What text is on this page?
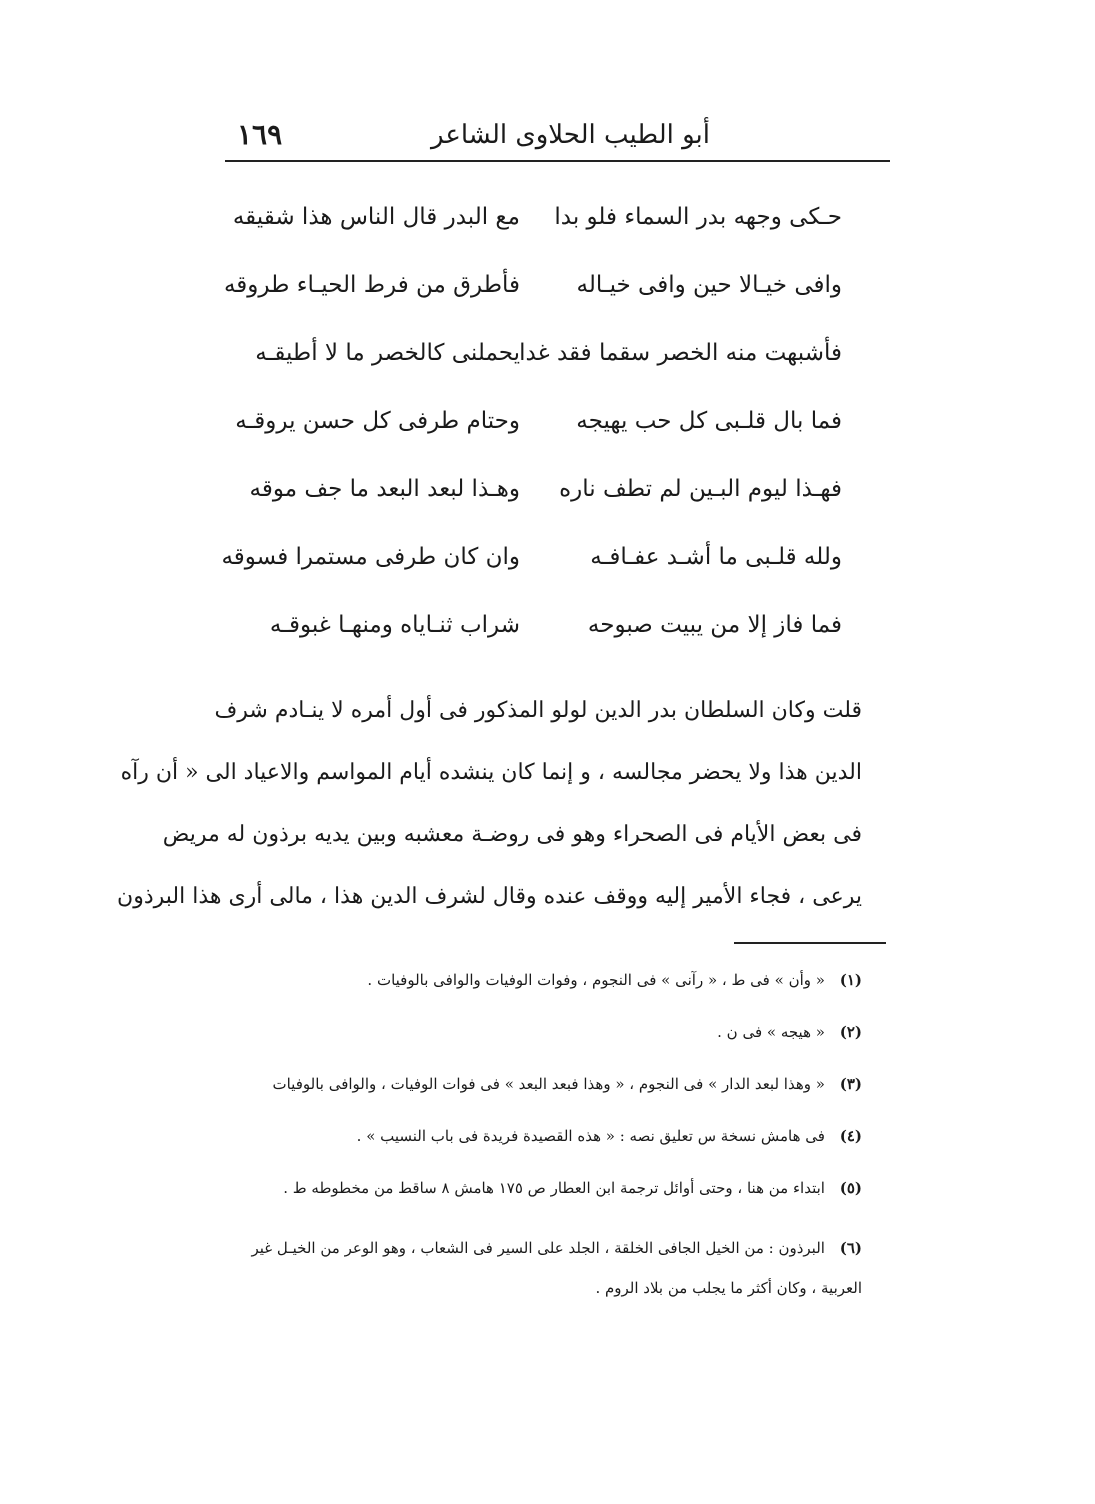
أبو الطيب الحلاوى الشاعر
١٦٩
حـكى وجهه بدر السماء فلو بدا
مع البدر قال الناس هذا شقيقه
وافى خيـالا حين وافى خيـاله
فأطرق من فرط الحيـاء طروقه
فأشبهت منه الخصر سقما فقد غدا
يحملنى كالخصر ما لا أطيقـه
فما بال قلـبى كل حب يهيجه
وحتام طرفى كل حسن يروقـه
فهـذا ليوم البـين لم تطف ناره
وهـذا لبعد البعد ما جف موقه
ولله قلـبى ما أشـد عفـافـه
وان كان طرفى مستمرا فسوقه
فما فاز إلا من يبيت صبوحه
شراب ثنـاياه ومنهـا غبوقـه
قلت وكان السلطان بدر الدين لولو المذكور فى أول أمره لا ينـادم شرف
الدين هذا ولا يحضر مجالسه ، و إنما كان ينشده أيام المواسم والاعياد الى « أن رآه
فى بعض الأيام فى الصحراء وهو فى روضـة معشبه وبين يديه برذون له مريض
يرعى ، فجاء الأمير إليه ووقف عنده وقال لشرف الدين هذا ، مالى أرى هذا البرذون
(١) « وأن » فى ط ، « رآنى » فى النجوم ، وفوات الوفيات والوافى بالوفيات .
(٢) « هيجه » فى ن .
(٣) « وهذا لبعد الدار » فى النجوم ، « وهذا فبعد البعد » فى فوات الوفيات ، والوافى بالوفيات
(٤) فى هامش نسخة س تعليق نصه : « هذه القصيدة فريدة فى باب النسيب » .
(٥) ابتداء من هنا ، وحتى أوائل ترجمة ابن العطار ص ١٧٥ هامش ٨ ساقط من مخطوطه ط .
(٦) البرذون : من الخيل الجافى الخلقة ، الجلد على السير فى الشعاب ، وهو الوعر من الخيـل غير
العربية ، وكان أكثر ما يجلب من بلاد الروم .
